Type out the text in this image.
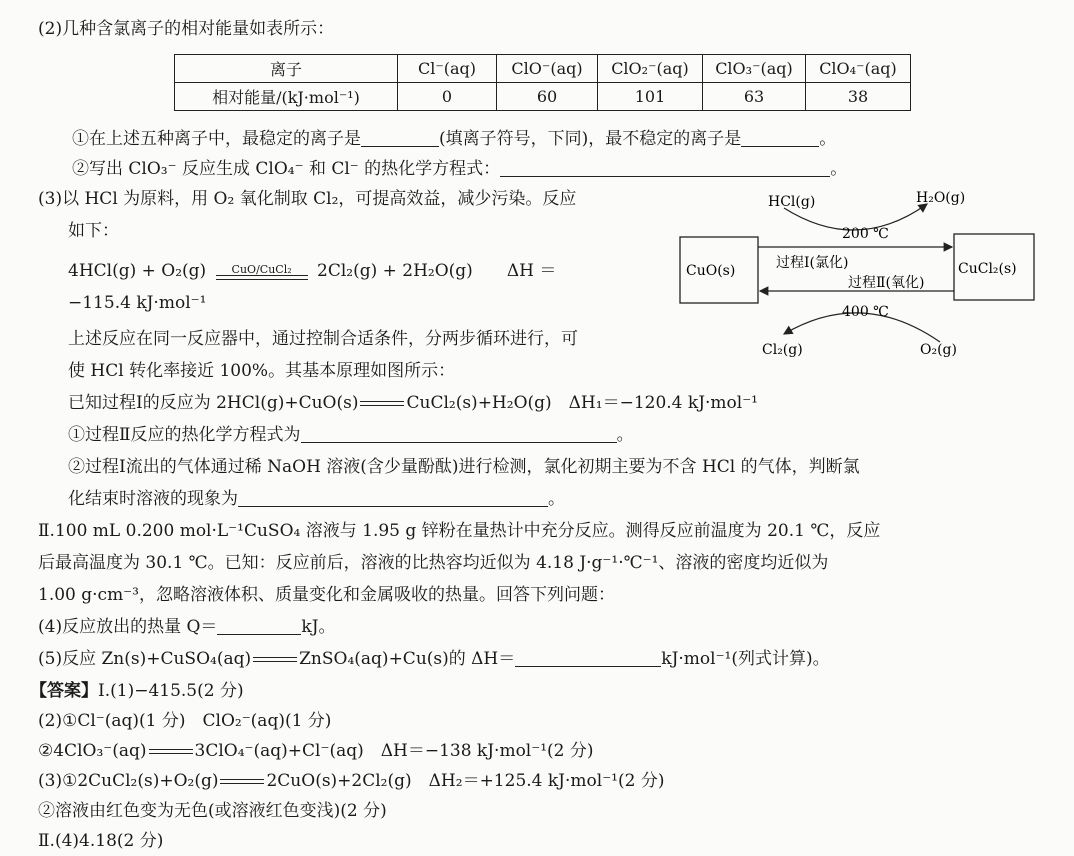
(2)几种含氯离子的相对能量如表所示：
离子	Cl⁻(aq)	ClO⁻(aq)	ClO₂⁻(aq)	ClO₃⁻(aq)	ClO₄⁻(aq)
相对能量/(kJ·mol⁻¹)	0	60	101	63	38
①在上述五种离子中，最稳定的离子是	(填离子符号，下同)，最不稳定的离子是	。
②写出 ClO₃⁻ 反应生成 ClO₄⁻ 和 Cl⁻ 的热化学方程式：	。
(3)以 HCl 为原料，用 O₂ 氧化制取 Cl₂，可提高效益，减少污染。反应
如下：
4HCl(g) + O₂(g)	CuO/CuCl₂	2Cl₂(g) + 2H₂O(g)　　ΔH ＝
−115.4 kJ·mol⁻¹
上述反应在同一反应器中，通过控制合适条件，分两步循环进行，可
使 HCl 转化率接近 100%。其基本原理如图所示：
已知过程Ⅰ的反应为 2HCl(g)+CuO(s)	CuCl₂(s)+H₂O(g)　ΔH₁＝−120.4 kJ·mol⁻¹
①过程Ⅱ反应的热化学方程式为	。
②过程Ⅰ流出的气体通过稀 NaOH 溶液(含少量酚酞)进行检测，氯化初期主要为不含 HCl 的气体，判断氯
化结束时溶液的现象为	。
HCl(g)	H₂O(g)
200 ℃
CuO(s)	CuCl₂(s)
过程Ⅰ(氯化)
过程Ⅱ(氧化)
400 ℃
Cl₂(g)	O₂(g)
Ⅱ.100 mL 0.200 mol·L⁻¹CuSO₄ 溶液与 1.95 g 锌粉在量热计中充分反应。测得反应前温度为 20.1 ℃，反应
后最高温度为 30.1 ℃。已知：反应前后，溶液的比热容均近似为 4.18 J·g⁻¹·℃⁻¹、溶液的密度均近似为
1.00 g·cm⁻³，忽略溶液体积、质量变化和金属吸收的热量。回答下列问题：
(4)反应放出的热量 Q＝	kJ。
(5)反应 Zn(s)+CuSO₄(aq)	ZnSO₄(aq)+Cu(s)的 ΔH＝	kJ·mol⁻¹(列式计算)。
【答案】Ⅰ.(1)−415.5(2 分)
(2)①Cl⁻(aq)(1 分)　ClO₂⁻(aq)(1 分)
②4ClO₃⁻(aq)	3ClO₄⁻(aq)+Cl⁻(aq)　ΔH＝−138 kJ·mol⁻¹(2 分)
(3)①2CuCl₂(s)+O₂(g)	2CuO(s)+2Cl₂(g)　ΔH₂＝+125.4 kJ·mol⁻¹(2 分)
②溶液由红色变为无色(或溶液红色变浅)(2 分)
Ⅱ.(4)4.18(2 分)
